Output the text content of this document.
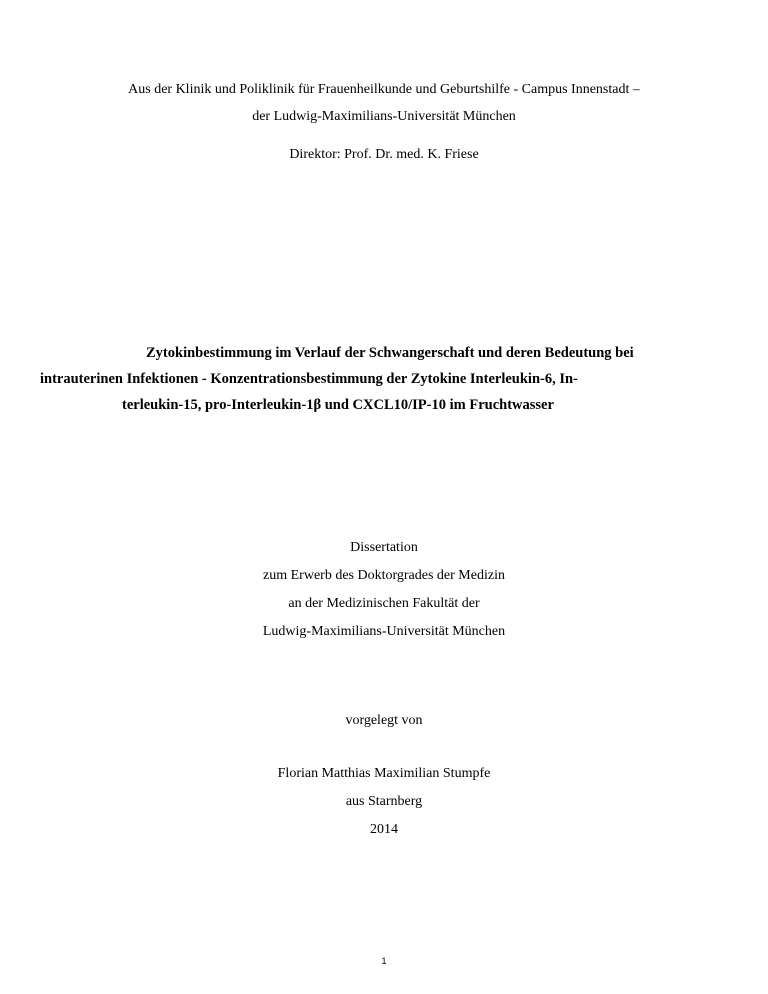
Aus der Klinik und Poliklinik für Frauenheilkunde und Geburtshilfe - Campus Innenstadt –
der Ludwig-Maximilians-Universität München
Direktor: Prof. Dr. med. K. Friese
Zytokinbestimmung im Verlauf der Schwangerschaft und deren Bedeutung bei
intrauterinen Infektionen - Konzentrationsbestimmung der Zytokine Interleukin-6, In-
terleukin-15, pro-Interleukin-1β und CXCL10/IP-10 im Fruchtwasser
Dissertation
zum Erwerb des Doktorgrades der Medizin
an der Medizinischen Fakultät der
Ludwig-Maximilians-Universität München
vorgelegt von
Florian Matthias Maximilian Stumpfe
aus Starnberg
2014
1
